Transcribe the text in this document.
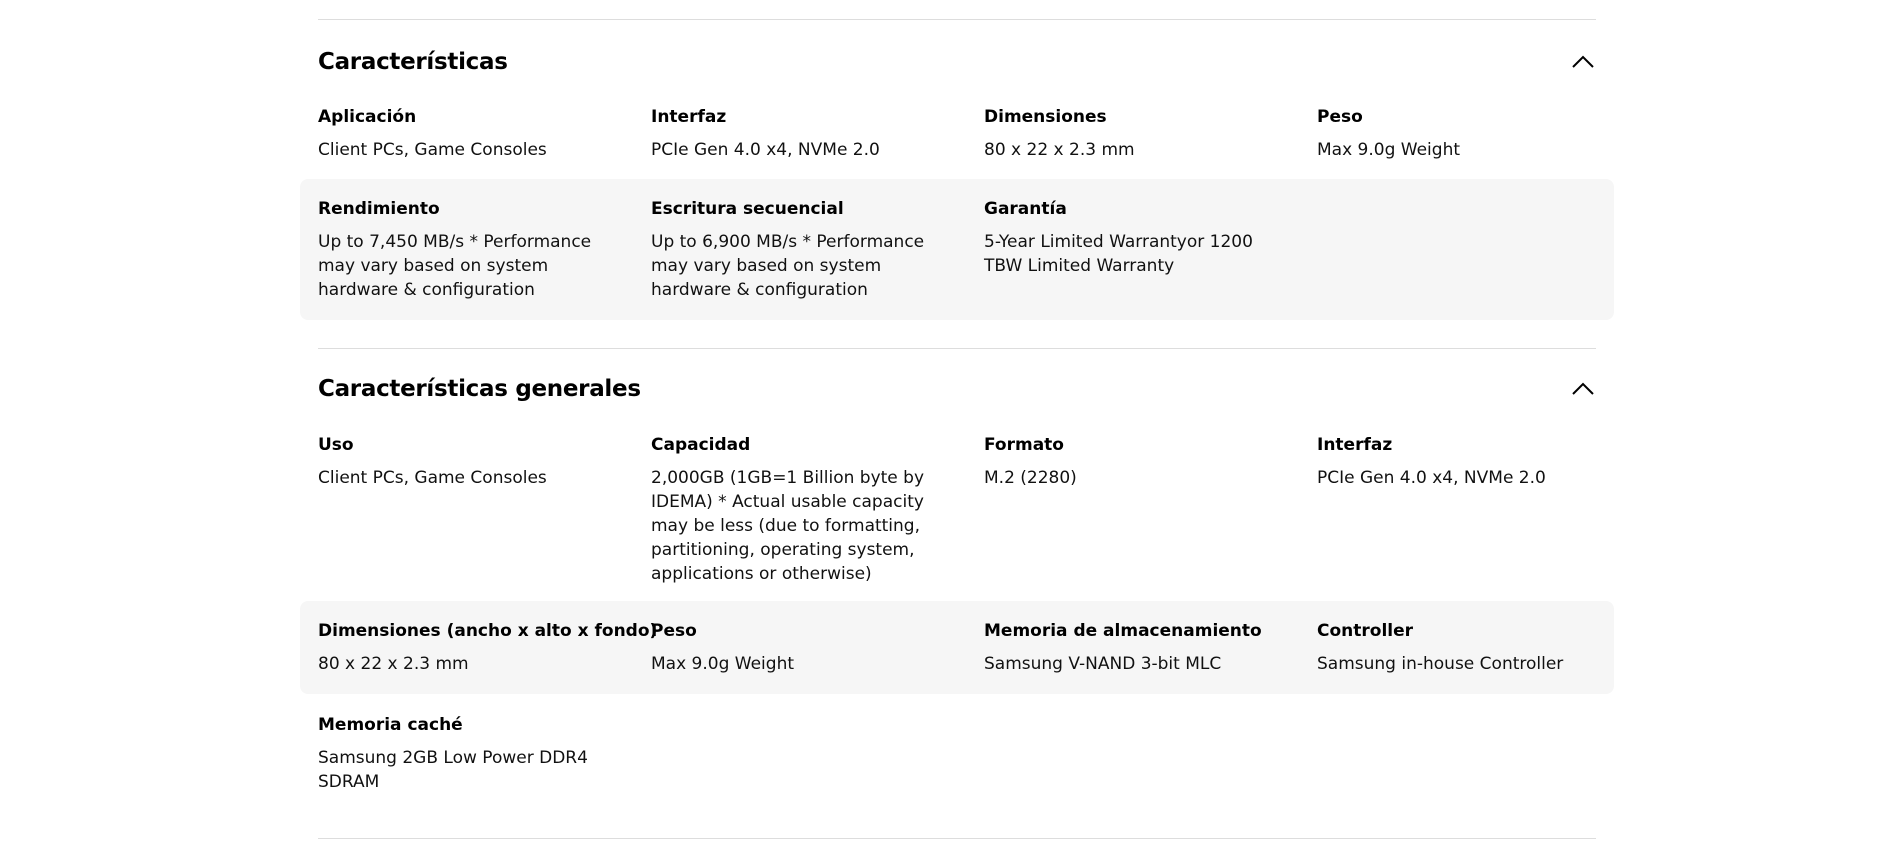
Características
Aplicación
Client PCs, Game Consoles
Interfaz
PCIe Gen 4.0 x4, NVMe 2.0
Dimensiones
80 x 22 x 2.3 mm
Peso
Max 9.0g Weight
Rendimiento
Up to 7,450 MB/s * Performance may vary based on system hardware & configuration
Escritura secuencial
Up to 6,900 MB/s * Performance may vary based on system hardware & configuration
Garantía
5-Year Limited Warrantyor 1200 TBW Limited Warranty
Características generales
Uso
Client PCs, Game Consoles
Capacidad
2,000GB (1GB=1 Billion byte by IDEMA) * Actual usable capacity may be less (due to formatting, partitioning, operating system, applications or otherwise)
Formato
M.2 (2280)
Interfaz
PCIe Gen 4.0 x4, NVMe 2.0
Dimensiones (ancho x alto x fondo)
80 x 22 x 2.3 mm
Peso
Max 9.0g Weight
Memoria de almacenamiento
Samsung V-NAND 3-bit MLC
Controller
Samsung in-house Controller
Memoria caché
Samsung 2GB Low Power DDR4 SDRAM
